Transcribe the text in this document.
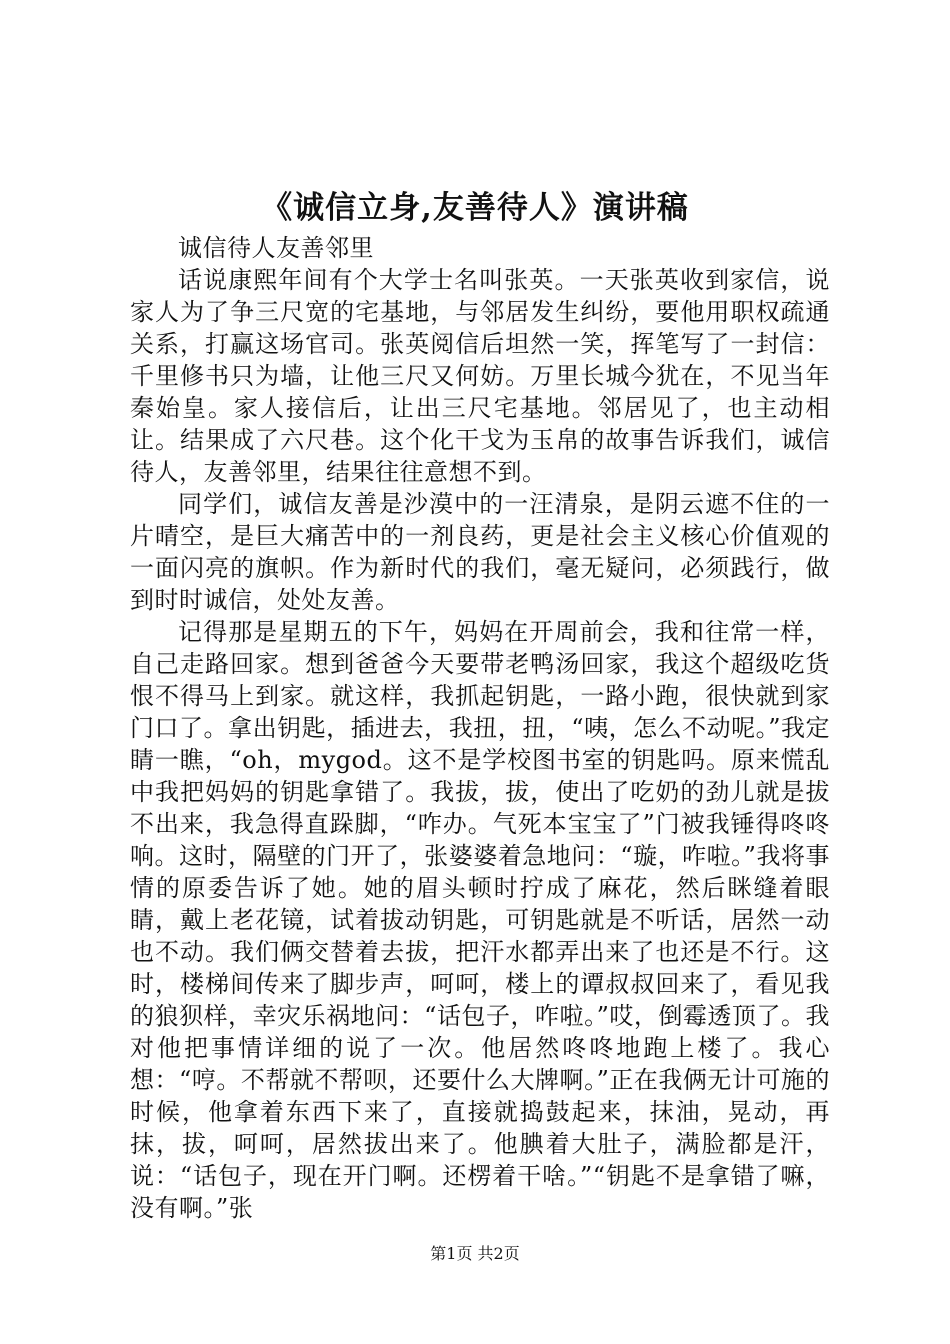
《诚信立身,友善待人》演讲稿

诚信待人友善邻里

话说康熙年间有个大学士名叫张英。一天张英收到家信，说家人为了争三尺宽的宅基地，与邻居发生纠纷，要他用职权疏通关系，打赢这场官司。张英阅信后坦然一笑，挥笔写了一封信：千里修书只为墙，让他三尺又何妨。万里长城今犹在，不见当年秦始皇。家人接信后，让出三尺宅基地。邻居见了，也主动相让。结果成了六尺巷。这个化干戈为玉帛的故事告诉我们，诚信待人，友善邻里，结果往往意想不到。

同学们，诚信友善是沙漠中的一汪清泉，是阴云遮不住的一片晴空，是巨大痛苦中的一剂良药，更是社会主义核心价值观的一面闪亮的旗帜。作为新时代的我们，毫无疑问，必须践行，做到时时诚信，处处友善。

记得那是星期五的下午，妈妈在开周前会，我和往常一样，自己走路回家。想到爸爸今天要带老鸭汤回家，我这个超级吃货恨不得马上到家。就这样，我抓起钥匙，一路小跑，很快就到家门口了。拿出钥匙，插进去，我扭，扭，“咦，怎么不动呢。”我定睛一瞧，“oh，mygod。这不是学校图书室的钥匙吗。原来慌乱中我把妈妈的钥匙拿错了。我拔，拔，使出了吃奶的劲儿就是拔不出来，我急得直跺脚，“咋办。气死本宝宝了”门被我锤得咚咚响。这时，隔壁的门开了，张婆婆着急地问：“璇，咋啦。”我将事情的原委告诉了她。她的眉头顿时拧成了麻花，然后眯缝着眼睛，戴上老花镜，试着拔动钥匙，可钥匙就是不听话，居然一动也不动。我们俩交替着去拔，把汗水都弄出来了也还是不行。这时，楼梯间传来了脚步声，呵呵，楼上的谭叔叔回来了，看见我的狼狈样，幸灾乐祸地问：“话包子，咋啦。”哎，倒霉透顶了。我对他把事情详细的说了一次。他居然咚咚地跑上楼了。我心想：“哼。不帮就不帮呗，还要什么大牌啊。”正在我俩无计可施的时候，他拿着东西下来了，直接就捣鼓起来，抹油，晃动，再抹，拔，呵呵，居然拔出来了。他腆着大肚子，满脸都是汗，说：“话包子，现在开门啊。还楞着干啥。”“钥匙不是拿错了嘛，没有啊。”张

第1页 共2页
